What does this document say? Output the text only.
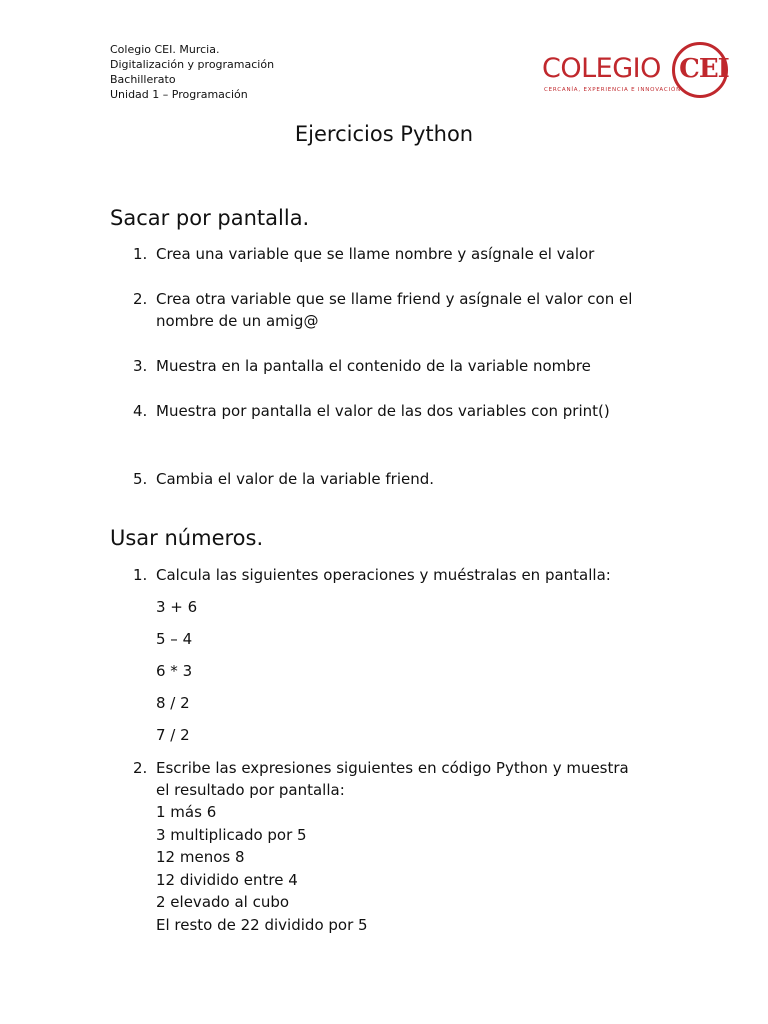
Colegio CEI. Murcia.
Digitalización y programación
Bachillerato
Unidad 1 – Programación
COLEGIO CEI
CERCANÍA, EXPERIENCIA E INNOVACIÓN
Ejercicios Python
Sacar por pantalla.
1. Crea una variable que se llame nombre y asígnale el valor
2. Crea otra variable que se llame friend y asígnale el valor con el nombre de un amig@
3. Muestra en la pantalla el contenido de la variable nombre
4. Muestra por pantalla el valor de las dos variables con print()
5. Cambia el valor de la variable friend.
Usar números.
1. Calcula las siguientes operaciones y muéstralas en pantalla:
3 + 6
5 – 4
6 * 3
8 / 2
7 / 2
2. Escribe las expresiones siguientes en código Python y muestra el resultado por pantalla:
1 más 6
3 multiplicado por 5
12 menos 8
12 dividido entre 4
2 elevado al cubo
El resto de 22 dividido por 5
